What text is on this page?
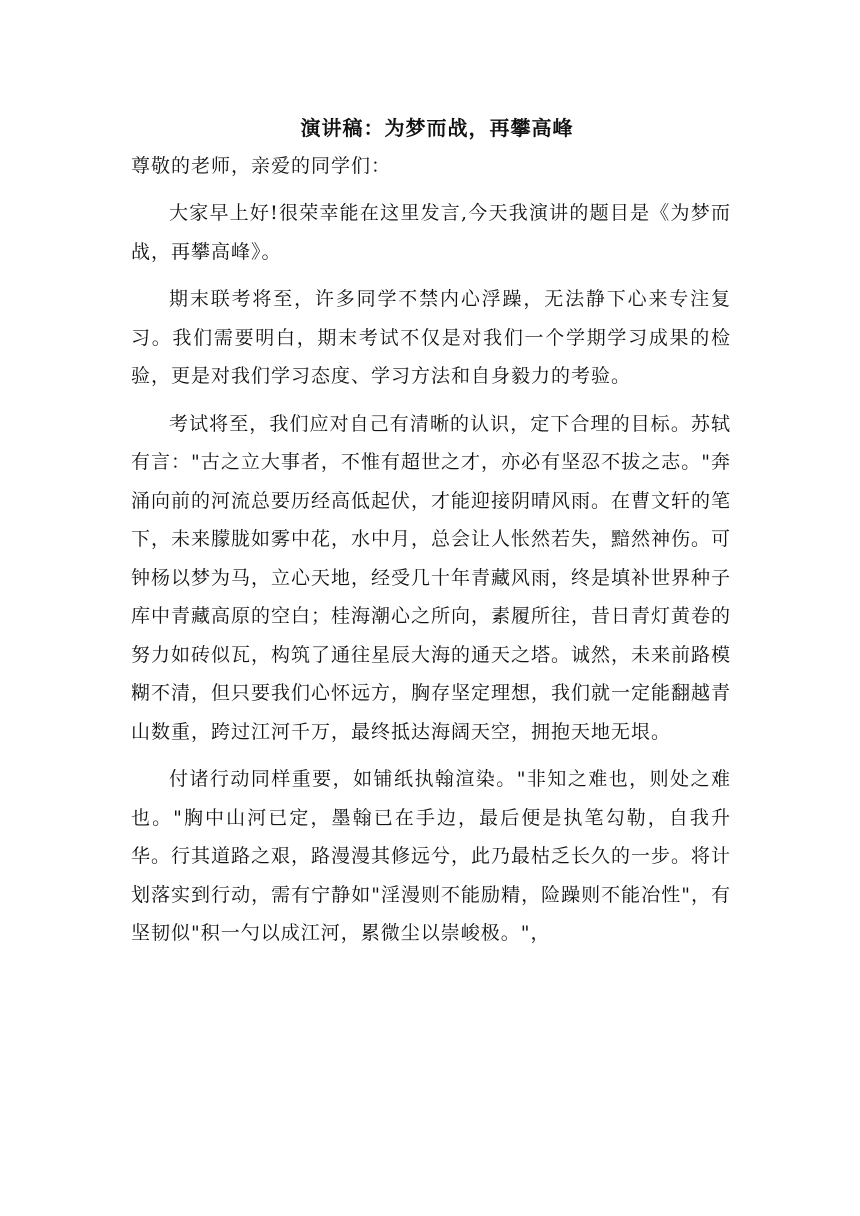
演讲稿：为梦而战，再攀高峰

尊敬的老师，亲爱的同学们：

大家早上好!很荣幸能在这里发言,今天我演讲的题目是《为梦而战，再攀高峰》。

期末联考将至，许多同学不禁内心浮躁，无法静下心来专注复习。我们需要明白，期末考试不仅是对我们一个学期学习成果的检验，更是对我们学习态度、学习方法和自身毅力的考验。

考试将至，我们应对自己有清晰的认识，定下合理的目标。苏轼有言："古之立大事者，不惟有超世之才，亦必有坚忍不拔之志。"奔涌向前的河流总要历经高低起伏，才能迎接阴晴风雨。在曹文轩的笔下，未来朦胧如雾中花，水中月，总会让人怅然若失，黯然神伤。可钟杨以梦为马，立心天地，经受几十年青藏风雨，终是填补世界种子库中青藏高原的空白；桂海潮心之所向，素履所往，昔日青灯黄卷的努力如砖似瓦，构筑了通往星辰大海的通天之塔。诚然，未来前路模糊不清，但只要我们心怀远方，胸存坚定理想，我们就一定能翻越青山数重，跨过江河千万，最终抵达海阔天空，拥抱天地无垠。

付诸行动同样重要，如铺纸执翰渲染。"非知之难也，则处之难也。"胸中山河已定，墨翰已在手边，最后便是执笔勾勒，自我升华。行其道路之艰，路漫漫其修远兮，此乃最枯乏长久的一步。将计划落实到行动，需有宁静如"淫漫则不能励精，险躁则不能冶性"，有坚韧似"积一勺以成江河，累微尘以崇峻极。"，
